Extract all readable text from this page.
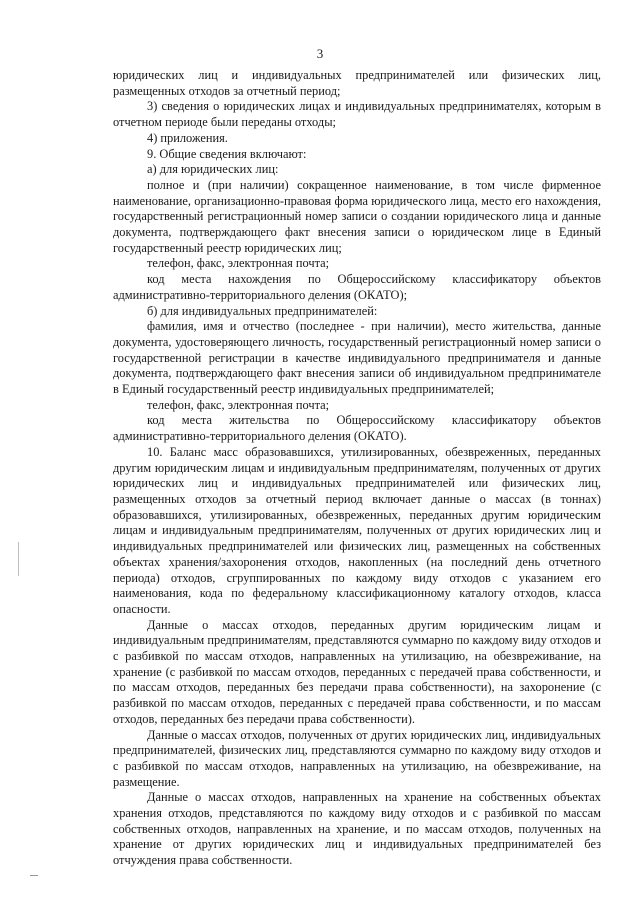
3

юридических лиц и индивидуальных предпринимателей или физических лиц, размещенных отходов за отчетный период;

3) сведения о юридических лицах и индивидуальных предпринимателях, которым в отчетном периоде были переданы отходы;

4) приложения.

9. Общие сведения включают:

а) для юридических лиц:

полное и (при наличии) сокращенное наименование, в том числе фирменное наименование, организационно-правовая форма юридического лица, место его нахождения, государственный регистрационный номер записи о создании юридического лица и данные документа, подтверждающего факт внесения записи о юридическом лице в Единый государственный реестр юридических лиц;

телефон, факс, электронная почта;

код места нахождения по Общероссийскому классификатору объектов административно-территориального деления (ОКАТО);

б) для индивидуальных предпринимателей:

фамилия, имя и отчество (последнее - при наличии), место жительства, данные документа, удостоверяющего личность, государственный регистрационный номер записи о государственной регистрации в качестве индивидуального предпринимателя и данные документа, подтверждающего факт внесения записи об индивидуальном предпринимателе в Единый государственный реестр индивидуальных предпринимателей;

телефон, факс, электронная почта;

код места жительства по Общероссийскому классификатору объектов административно-территориального деления (ОКАТО).

10. Баланс масс образовавшихся, утилизированных, обезвреженных, переданных другим юридическим лицам и индивидуальным предпринимателям, полученных от других юридических лиц и индивидуальных предпринимателей или физических лиц, размещенных отходов за отчетный период включает данные о массах (в тоннах) образовавшихся, утилизированных, обезвреженных, переданных другим юридическим лицам и индивидуальным предпринимателям, полученных от других юридических лиц и индивидуальных предпринимателей или физических лиц, размещенных на собственных объектах хранения/захоронения отходов, накопленных (на последний день отчетного периода) отходов, сгруппированных по каждому виду отходов с указанием его наименования, кода по федеральному классификационному каталогу отходов, класса опасности.

Данные о массах отходов, переданных другим юридическим лицам и индивидуальным предпринимателям, представляются суммарно по каждому виду отходов и с разбивкой по массам отходов, направленных на утилизацию, на обезвреживание, на хранение (с разбивкой по массам отходов, переданных с передачей права собственности, и по массам отходов, переданных без передачи права собственности), на захоронение (с разбивкой по массам отходов, переданных с передачей права собственности, и по массам отходов, переданных без передачи права собственности).

Данные о массах отходов, полученных от других юридических лиц, индивидуальных предпринимателей, физических лиц, представляются суммарно по каждому виду отходов и с разбивкой по массам отходов, направленных на утилизацию, на обезвреживание, на размещение.

Данные о массах отходов, направленных на хранение на собственных объектах хранения отходов, представляются по каждому виду отходов и с разбивкой по массам собственных отходов, направленных на хранение, и по массам отходов, полученных на хранение от других юридических лиц и индивидуальных предпринимателей без отчуждения права собственности.
